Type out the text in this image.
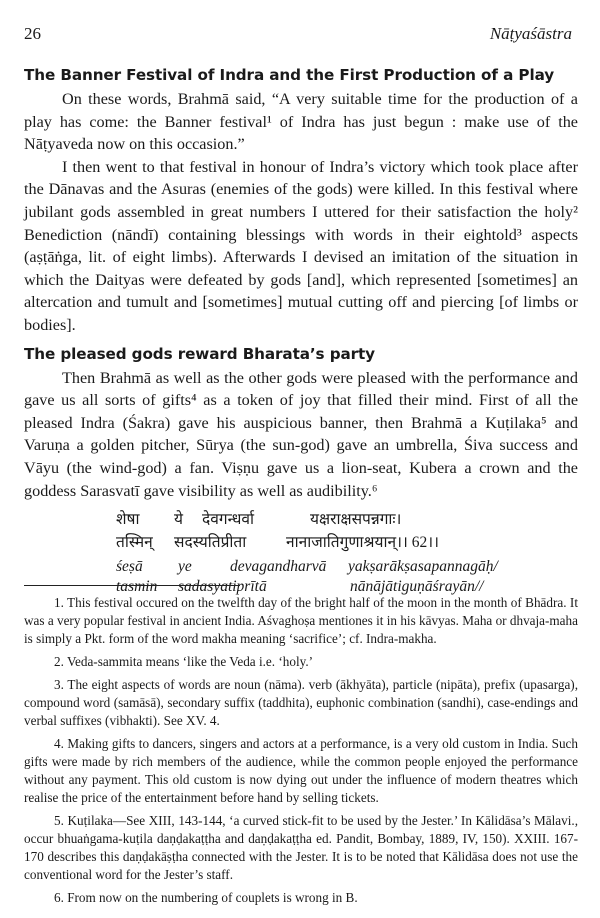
26	Nāṭyaśāstra
The Banner Festival of Indra and the First Production of a Play

On these words, Brahmā said, “A very suitable time for the production of a play has come: the Banner festival¹ of Indra has just begun : make use of the Nāṭyaveda now on this occasion.”

I then went to that festival in honour of Indra’s victory which took place after the Dānavas and the Asuras (enemies of the gods) were killed. In this festival where jubilant gods assembled in great numbers I uttered for their satisfaction the holy² Benediction (nāndī) containing blessings with words in their eightold³ aspects (aṣṭāṅga, lit. of eight limbs). Afterwards I devised an imitation of the situation in which the Daityas were defeated by gods [and], which represented [sometimes] an altercation and tumult and [sometimes] mutual cutting off and piercing [of limbs or bodies].

The pleased gods reward Bharata’s party

Then Brahmā as well as the other gods were pleased with the performance and gave us all sorts of gifts⁴ as a token of joy that filled their mind. First of all the pleased Indra (Śakra) gave his auspicious banner, then Brahmā a Kuṭilaka⁵ and Varuṇa a golden pitcher, Sūrya (the sun-god) gave an umbrella, Śiva success and Vāyu (the wind-god) a fan. Viṣṇu gave us a lion-seat, Kubera a crown and the goddess Sarasvatī gave visibility as well as audibility.⁶

शेषा	ये	देवगन्धर्वा	यक्षराक्षसपन्नगाः।
तस्मिन्	सदस्यतिप्रीता	नानाजातिगुणाश्रयान्।। 62।।
śeṣā	ye	devagandharvā	yakṣarākṣasapannagāḥ/
tasmin	sadasyatiprītā	nānājātiguṇāśrayān//

1. This festival occured on the twelfth day of the bright half of the moon in the month of Bhādra. It was a very popular festival in ancient India. Aśvaghoṣa mentiones it in his kāvyas. Maha or dhvaja-maha is simply a Pkt. form of the word makha meaning ‘sacrifice’; cf. Indra-makha.

2. Veda-sammita means ‘like the Veda i.e. ‘holy.’

3. The eight aspects of words are noun (nāma). verb (ākhyāta), particle (nipāta), prefix (upasarga), compound word (samāsā), secondary suffix (taddhita), euphonic combination (sandhi), case-endings and verbal suffixes (vibhakti). See XV. 4.

4. Making gifts to dancers, singers and actors at a performance, is a very old custom in India. Such gifts were made by rich members of the audience, while the common people enjoyed the performance without any payment. This old custom is now dying out under the influence of modern theatres which realise the price of the entertainment before hand by selling tickets.

5. Kuṭilaka—See XIII, 143-144, ‘a curved stick-fit to be used by the Jester.’ In Kālidāsa’s Mālavi., occur bhuaṅgama-kuṭila daṇḍakaṭṭha and daṇḍakaṭṭha ed. Pandit, Bombay, 1889, IV, 150). XXIII. 167-170 describes this daṇḍakāṣṭha connected with the Jester. It is to be noted that Kālidāsa does not use the conventional word for the Jester’s staff.

6. From now on the numbering of couplets is wrong in B.
